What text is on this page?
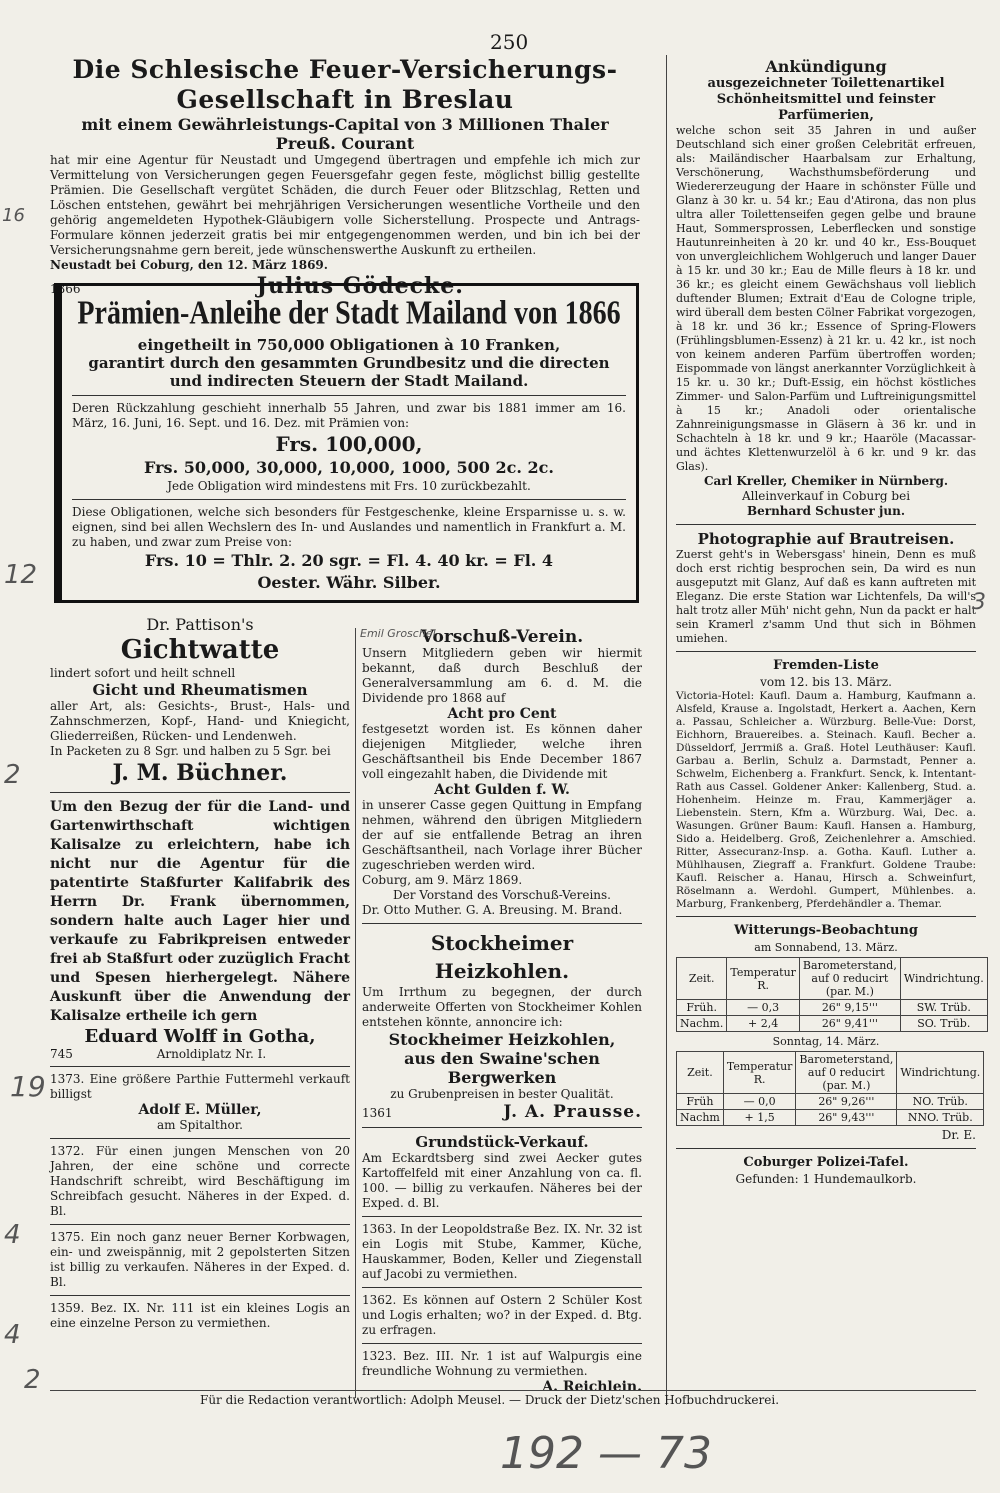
250
Die Schlesische Feuer-Versicherungs-Gesellschaft in Breslau
mit einem Gewährleistungs-Capital von 3 Millionen Thaler Preuß. Courant

hat mir eine Agentur für Neustadt und Umgegend übertragen und empfehle ich mich zur Vermittelung von Versicherungen gegen Feuersgefahr gegen feste, möglichst billig gestellte Prämien. Die Gesellschaft vergütet Schäden, die durch Feuer oder Blitzschlag, Retten und Löschen entstehen, gewährt bei mehrjährigen Versicherungen wesentliche Vortheile und den gehörig angemeldeten Hypothek-Gläubigern volle Sicherstellung. Prospecte und Antrags-Formulare können jederzeit gratis bei mir entgegengenommen werden, und bin ich bei der Versicherungsnahme gern bereit, jede wünschenswerthe Auskunft zu ertheilen.

Neustadt bei Coburg, den 12. März 1869.

1366	Julius Gödecke.
Prämien-Anleihe der Stadt Mailand von 1866
eingetheilt in 750,000 Obligationen à 10 Franken,
garantirt durch den gesammten Grundbesitz und die directen
und indirecten Steuern der Stadt Mailand.

Deren Rückzahlung geschieht innerhalb 55 Jahren, und zwar bis 1881 immer am 16. März, 16. Juni, 16. Sept. und 16. Dez. mit Prämien von:

Frs. 100,000,
Frs. 50,000, 30,000, 10,000, 1000, 500 2c. 2c.

Jede Obligation wird mindestens mit Frs. 10 zurückbezahlt.

Diese Obligationen, welche sich besonders für Festgeschenke, kleine Ersparnisse u. s. w. eignen, sind bei allen Wechslern des In- und Auslandes und namentlich in Frankfurt a. M. zu haben, und zwar zum Preise von:

Frs. 10 = Thlr. 2. 20 sgr. = Fl. 4. 40 kr. = Fl. 4
Oester. Währ. Silber.
Dr. Pattison's
Gichtwatte

lindert sofort und heilt schnell

Gicht und Rheumatismen

aller Art, als: Gesichts-, Brust-, Hals- und Zahnschmerzen, Kopf-, Hand- und Kniegicht, Gliederreißen, Rücken- und Lendenweh.

In Packeten zu 8 Sgr. und halben zu 5 Sgr. bei

J. M. Büchner.

Um den Bezug der für die Land- und Gartenwirthschaft wichtigen Kalisalze zu erleichtern, habe ich nicht nur die Agentur für die patentirte Staßfurter Kalifabrik des Herrn Dr. Frank übernommen, sondern halte auch Lager hier und verkaufe zu Fabrikpreisen entweder frei ab Staßfurt oder zuzüglich Fracht und Spesen hierhergelegt. Nähere Auskunft über die Anwendung der Kalisalze ertheile ich gern

Eduard Wolff in Gotha,
745	Arnoldiplatz Nr. I.

1373. Eine größere Parthie Futtermehl verkauft billigst

Adolf E. Müller,

am Spitalthor.

1372. Für einen jungen Menschen von 20 Jahren, der eine schöne und correcte Handschrift schreibt, wird Beschäftigung im Schreibfach gesucht. Näheres in der Exped. d. Bl.

1375. Ein noch ganz neuer Berner Korbwagen, ein- und zweispännig, mit 2 gepolsterten Sitzen ist billig zu verkaufen. Näheres in der Exped. d. Bl.

1359. Bez. IX. Nr. 111 ist ein kleines Logis an eine einzelne Person zu vermiethen.

Vorschuß-Verein.

Unsern Mitgliedern geben wir hiermit bekannt, daß durch Beschluß der Generalversammlung am 6. d. M. die Dividende pro 1868 auf

Acht pro Cent

festgesetzt worden ist. Es können daher diejenigen Mitglieder, welche ihren Geschäftsantheil bis Ende December 1867 voll eingezahlt haben, die Dividende mit

Acht Gulden f. W.

in unserer Casse gegen Quittung in Empfang nehmen, während den übrigen Mitgliedern der auf sie entfallende Betrag an ihren Geschäftsantheil, nach Vorlage ihrer Bücher zugeschrieben werden wird.

Coburg, am 9. März 1869.

Der Vorstand des Vorschuß-Vereins.

Dr. Otto Muther. G. A. Breusing. M. Brand.

Stockheimer Heizkohlen.

Um Irrthum zu begegnen, der durch anderweite Offerten von Stockheimer Kohlen entstehen könnte, annoncire ich:

Stockheimer Heizkohlen,
aus den Swaine'schen Bergwerken

zu Grubenpreisen in bester Qualität.

1361	J. A. Prausse.
Grundstück-Verkauf.

Am Eckardtsberg sind zwei Aecker gutes Kartoffelfeld mit einer Anzahlung von ca. fl. 100. — billig zu verkaufen. Näheres bei der Exped. d. Bl.

1363. In der Leopoldstraße Bez. IX. Nr. 32 ist ein Logis mit Stube, Kammer, Küche, Hauskammer, Boden, Keller und Ziegenstall auf Jacobi zu vermiethen.

1362. Es können auf Ostern 2 Schüler Kost und Logis erhalten; wo? in der Exped. d. Btg. zu erfragen.

1323. Bez. III. Nr. 1 ist auf Walpurgis eine freundliche Wohnung zu vermiethen.

A. Reichlein.
Ankündigung
ausgezeichneter Toilettenartikel Schönheitsmittel und feinster Parfümerien,

welche schon seit 35 Jahren in und außer Deutschland sich einer großen Celebrität erfreuen, als: Mailändischer Haarbalsam zur Erhaltung, Verschönerung, Wachsthumsbeförderung und Wiedererzeugung der Haare in schönster Fülle und Glanz à 30 kr. u. 54 kr.; Eau d'Atirona, das non plus ultra aller Toilettenseifen gegen gelbe und braune Haut, Sommersprossen, Leberflecken und sonstige Hautunreinheiten à 20 kr. und 40 kr., Ess-Bouquet von unvergleichlichem Wohlgeruch und langer Dauer à 15 kr. und 30 kr.; Eau de Mille fleurs à 18 kr. und 36 kr.; es gleicht einem Gewächshaus voll lieblich duftender Blumen; Extrait d'Eau de Cologne triple, wird überall dem besten Cölner Fabrikat vorgezogen, à 18 kr. und 36 kr.; Essence of Spring-Flowers (Frühlingsblumen-Essenz) à 21 kr. u. 42 kr., ist noch von keinem anderen Parfüm übertroffen worden; Eispommade von längst anerkannter Vorzüglichkeit à 15 kr. u. 30 kr.; Duft-Essig, ein höchst köstliches Zimmer- und Salon-Parfüm und Luftreinigungsmittel à 15 kr.; Anadoli oder orientalische Zahnreinigungsmasse in Gläsern à 36 kr. und in Schachteln à 18 kr. und 9 kr.; Haaröle (Macassar- und ächtes Klettenwurzelöl à 6 kr. und 9 kr. das Glas).

Carl Kreller, Chemiker in Nürnberg.

Alleinverkauf in Coburg bei

Bernhard Schuster jun.

Photographie auf Brautreisen.

Zuerst geht's in Webersgass' hinein, Denn es muß doch erst richtig besprochen sein, Da wird es nun ausgeputzt mit Glanz, Auf daß es kann auftreten mit Eleganz. Die erste Station war Lichtenfels, Da will's halt trotz aller Müh' nicht gehn, Nun da packt er halt sein Kramerl z'samm Und thut sich in Böhmen umiehen.

Fremden-Liste

vom 12. bis 13. März.

Victoria-Hotel: Kaufl. Daum a. Hamburg, Kaufmann a. Alsfeld, Krause a. Ingolstadt, Herkert a. Aachen, Kern a. Passau, Schleicher a. Würzburg. Belle-Vue: Dorst, Eichhorn, Brauereibes. a. Steinach. Kaufl. Becher a. Düsseldorf, Jerrmiß a. Graß. Hotel Leuthäuser: Kaufl. Garbau a. Berlin, Schulz a. Darmstadt, Penner a. Schwelm, Eichenberg a. Frankfurt. Senck, k. Intentant-Rath aus Cassel. Goldener Anker: Kallenberg, Stud. a. Hohenheim. Heinze m. Frau, Kammerjäger a. Liebenstein. Stern, Kfm a. Würzburg. Wai, Dec. a. Wasungen. Grüner Baum: Kaufl. Hansen a. Hamburg, Sido a. Heidelberg. Groß, Zeichenlehrer a. Amschied. Ritter, Assecuranz-Insp. a. Gotha. Kaufl. Luther a. Mühlhausen, Ziegraff a. Frankfurt. Goldene Traube: Kaufl. Reischer a. Hanau, Hirsch a. Schweinfurt, Röselmann a. Werdohl. Gumpert, Mühlenbes. a. Marburg, Frankenberg, Pferdehändler a. Themar.

Witterungs-Beobachtung

am Sonnabend, 13. März.

Zeit.	Temperatur R.	Barometerstand, auf 0 reducirt (par. M.)	Windrichtung.
Früh.	— 0,3	26" 9,15'''	SW. Trüb.
Nachm.	+ 2,4	26" 9,41'''	SO. Trüb.

Sonntag, 14. März.

Zeit.	Temperatur R.	Barometerstand, auf 0 reducirt (par. M.)	Windrichtung.
Früh	— 0,0	26" 9,26'''	NO. Trüb.
Nachm	+ 1,5	26" 9,43'''	NNO. Trüb.

Dr. E.

Coburger Polizei-Tafel.

Gefunden: 1 Hundemaulkorb.

Für die Redaction verantwortlich: Adolph Meusel. — Druck der Dietz'schen Hofbuchdruckerei.
192 — 73
16
12
2
19
4
4
2
3
Emil Groschel
